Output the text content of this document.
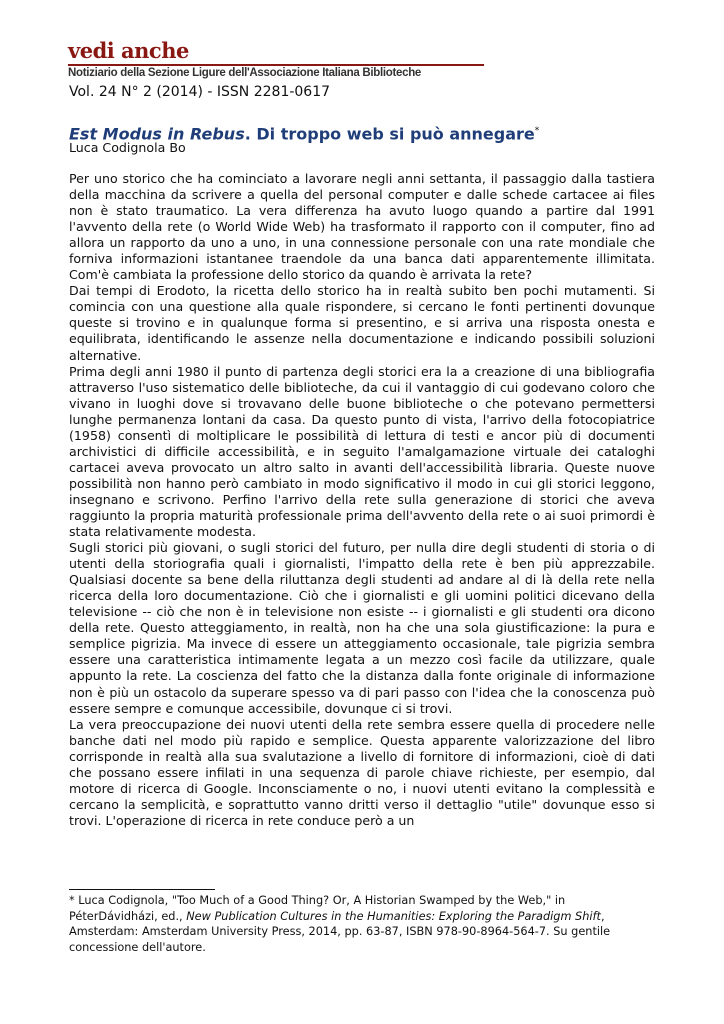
vedi anche
Notiziario della Sezione Ligure dell'Associazione Italiana Biblioteche
Vol. 24 N° 2 (2014) - ISSN 2281-0617
Est Modus in Rebus. Di troppo web si può annegare*
Luca Codignola Bo

Per uno storico che ha cominciato a lavorare negli anni settanta, il passaggio dalla tastiera della macchina da scrivere a quella del personal computer e dalle schede cartacee ai files non è stato traumatico. La vera differenza ha avuto luogo quando a partire dal 1991 l'avvento della rete (o World Wide Web) ha trasformato il rapporto con il computer, fino ad allora un rapporto da uno a uno, in una connessione personale con una rate mondiale che forniva informazioni istantanee traendole da una banca dati apparentemente illimitata. Com'è cambiata la professione dello storico da quando è arrivata la rete?

Dai tempi di Erodoto, la ricetta dello storico ha in realtà subito ben pochi mutamenti. Si comincia con una questione alla quale rispondere, si cercano le fonti pertinenti dovunque queste si trovino e in qualunque forma si presentino, e si arriva una risposta onesta e equilibrata, identificando le assenze nella documentazione e indicando possibili soluzioni alternative.

Prima degli anni 1980 il punto di partenza degli storici era la a creazione di una bibliografia attraverso l'uso sistematico delle biblioteche, da cui il vantaggio di cui godevano coloro che vivano in luoghi dove si trovavano delle buone biblioteche o che potevano permettersi lunghe permanenza lontani da casa. Da questo punto di vista, l'arrivo della fotocopiatrice (1958) consentì di moltiplicare le possibilità di lettura di testi e ancor più di documenti archivistici di difficile accessibilità, e in seguito l'amalgamazione virtuale dei cataloghi cartacei aveva provocato un altro salto in avanti dell'accessibilità libraria. Queste nuove possibilità non hanno però cambiato in modo significativo il modo in cui gli storici leggono, insegnano e scrivono. Perfino l'arrivo della rete sulla generazione di storici che aveva raggiunto la propria maturità professionale prima dell'avvento della rete o ai suoi primordi è stata relativamente modesta.

Sugli storici più giovani, o sugli storici del futuro, per nulla dire degli studenti di storia o di utenti della storiografia quali i giornalisti, l'impatto della rete è ben più apprezzabile. Qualsiasi docente sa bene della riluttanza degli studenti ad andare al di là della rete nella ricerca della loro documentazione. Ciò che i giornalisti e gli uomini politici dicevano della televisione -- ciò che non è in televisione non esiste -- i giornalisti e gli studenti ora dicono della rete. Questo atteggiamento, in realtà, non ha che una sola giustificazione: la pura e semplice pigrizia. Ma invece di essere un atteggiamento occasionale, tale pigrizia sembra essere una caratteristica intimamente legata a un mezzo così facile da utilizzare, quale appunto la rete. La coscienza del fatto che la distanza dalla fonte originale di informazione non è più un ostacolo da superare spesso va di pari passo con l'idea che la conoscenza può essere sempre e comunque accessibile, dovunque ci si trovi.

La vera preoccupazione dei nuovi utenti della rete sembra essere quella di procedere nelle banche dati nel modo più rapido e semplice. Questa apparente valorizzazione del libro corrisponde in realtà alla sua svalutazione a livello di fornitore di informazioni, cioè di dati che possano essere infilati in una sequenza di parole chiave richieste, per esempio, dal motore di ricerca di Google. Inconsciamente o no, i nuovi utenti evitano la complessità e cercano la semplicità, e soprattutto vanno dritti verso il dettaglio "utile" dovunque esso si trovi. L'operazione di ricerca in rete conduce però a un

* Luca Codignola, "Too Much of a Good Thing? Or, A Historian Swamped by the Web," in PéterDávidházi, ed., New Publication Cultures in the Humanities: Exploring the Paradigm Shift, Amsterdam: Amsterdam University Press, 2014, pp. 63-87, ISBN 978-90-8964-564-7. Su gentile concessione dell'autore.
